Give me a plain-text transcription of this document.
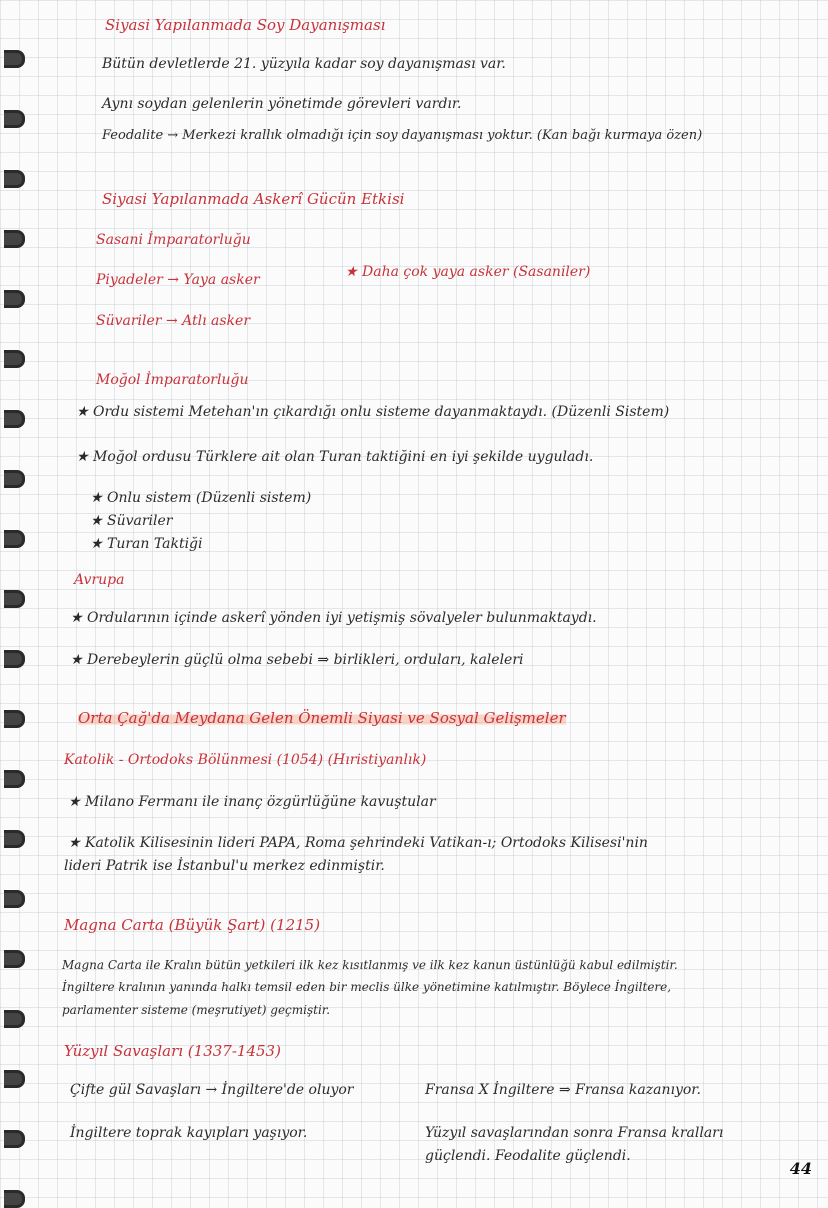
Siyasi Yapılanmada Soy Dayanışması

Bütün devletlerde 21. yüzyıla kadar soy dayanışması var.

Aynı soydan gelenlerin yönetimde görevleri vardır.

Feodalite → Merkezi krallık olmadığı için soy dayanışması yoktur. (Kan bağı kurmaya özen)

Siyasi Yapılanmada Askerî Gücün Etkisi

Sasani İmparatorluğu

Piyadeler → Yaya asker	★ Daha çok yaya asker (Sasaniler)

Süvariler → Atlı asker

Moğol İmparatorluğu

★ Ordu sistemi Metehan'ın çıkardığı onlu sisteme dayanmaktaydı. (Düzenli Sistem)

★ Moğol ordusu Türklere ait olan Turan taktiğini en iyi şekilde uyguladı.

★ Onlu sistem (Düzenli sistem)

★ Süvariler

★ Turan Taktiği

Avrupa

★ Ordularının içinde askerî yönden iyi yetişmiş sövalyeler bulunmaktaydı.

★ Derebeylerin güçlü olma sebebi ⇒ birlikleri, orduları, kaleleri

Orta Çağ'da Meydana Gelen Önemli Siyasi ve Sosyal Gelişmeler

Katolik - Ortodoks Bölünmesi (1054) (Hıristiyanlık)

★ Milano Fermanı ile inanç özgürlüğüne kavuştular

★ Katolik Kilisesinin lideri PAPA, Roma şehrindeki Vatikan-ı; Ortodoks Kilisesi'nin

lideri Patrik ise İstanbul'u merkez edinmiştir.

Magna Carta (Büyük Şart) (1215)

Magna Carta ile Kralın bütün yetkileri ilk kez kısıtlanmış ve ilk kez kanun üstünlüğü kabul edilmiştir.

İngiltere kralının yanında halkı temsil eden bir meclis ülke yönetimine katılmıştır. Böylece İngiltere,

parlamenter sisteme (meşrutiyet) geçmiştir.

Yüzyıl Savaşları (1337-1453)

Çifte gül Savaşları → İngiltere'de oluyor	Fransa X İngiltere ⇒ Fransa kazanıyor.

İngiltere toprak kayıpları yaşıyor.	Yüzyıl savaşlarından sonra Fransa kralları

güçlendi. Feodalite güçlendi.

44
